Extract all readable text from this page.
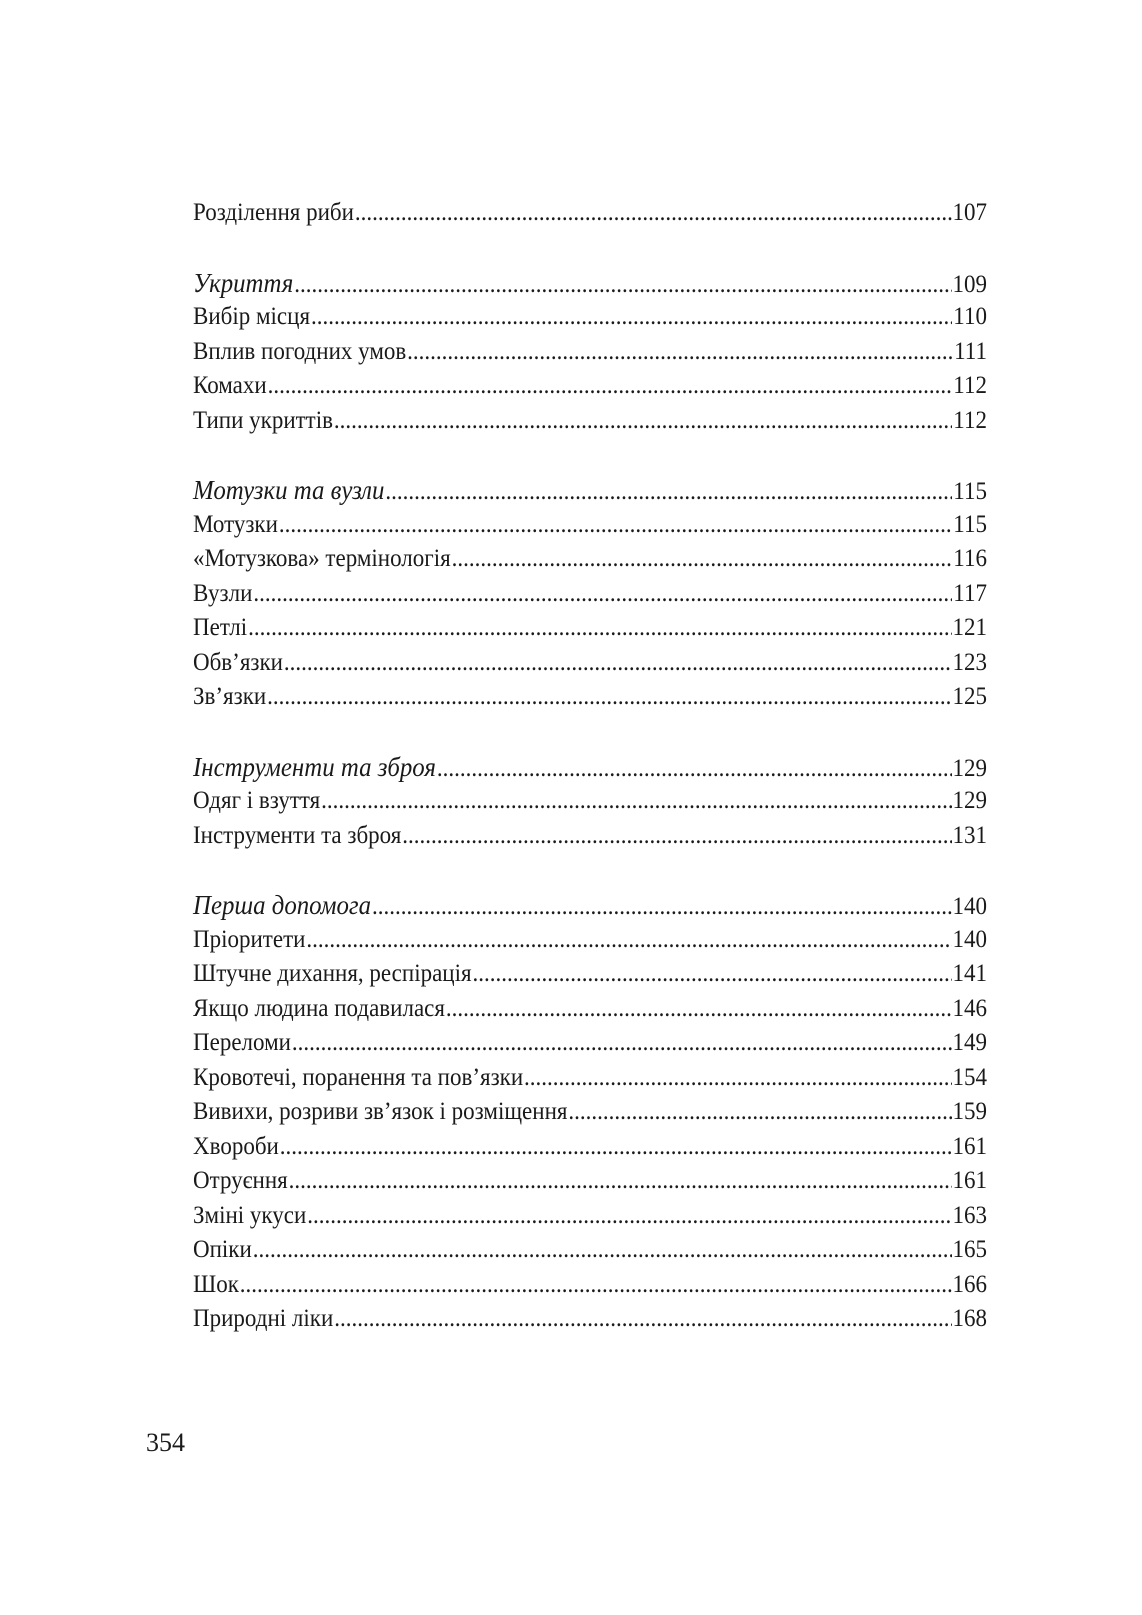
Розділення риби .....	107
Укриття .....	109
Вибір місця .....	110
Вплив погодних умов .....	111
Комахи .....	112
Типи укриттів .....	112
Мотузки та вузли .....	115
Мотузки .....	115
«Мотузкова» термінологія .....	116
Вузли .....	117
Петлі .....	121
Обв’язки .....	123
Зв’язки .....	125
Інструменти та зброя .....	129
Одяг і взуття .....	129
Інструменти та зброя .....	131
Перша допомога .....	140
Пріоритети .....	140
Штучне дихання, респірація .....	141
Якщо людина подавилася .....	146
Переломи .....	149
Кровотечі, поранення та пов’язки .....	154
Вивихи, розриви зв’язок і розміщення .....	159
Хвороби .....	161
Отруєння .....	161
Зміні укуси .....	163
Опіки .....	165
Шок .....	166
Природні ліки .....	168
354
